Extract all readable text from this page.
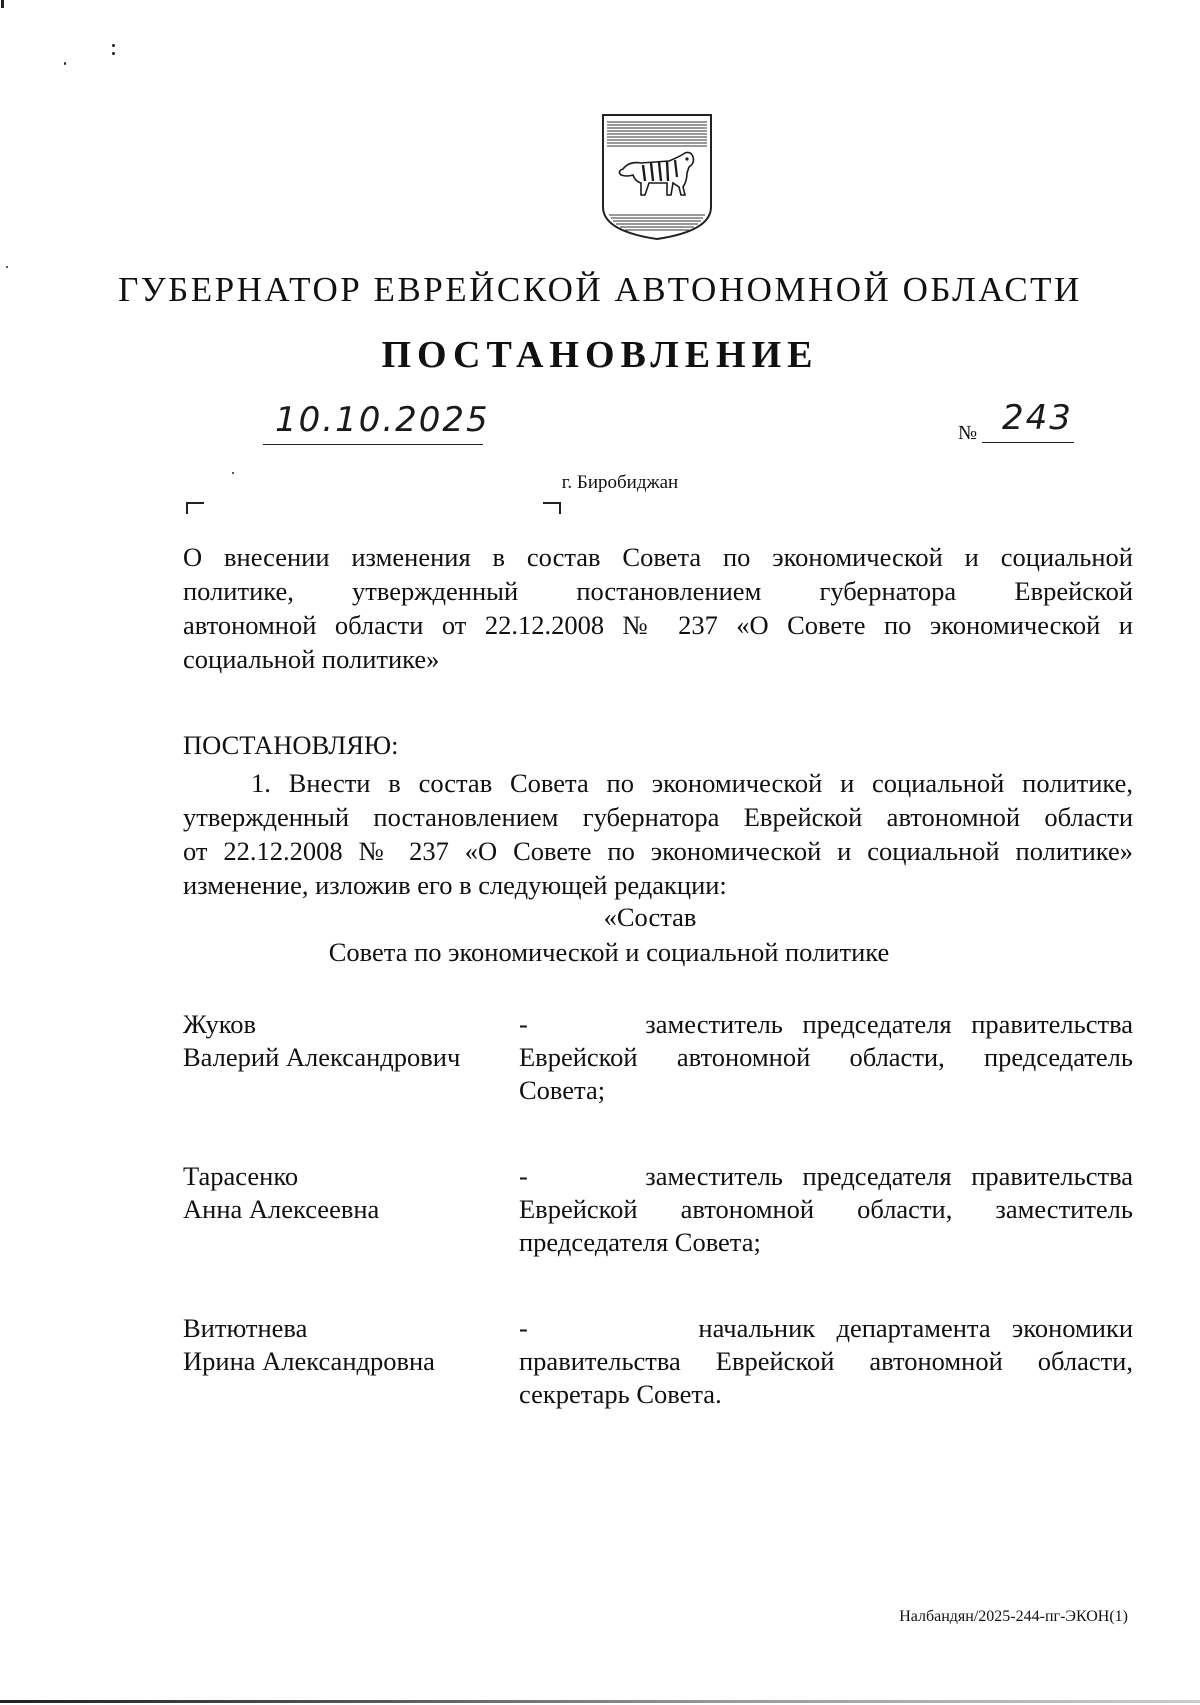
ГУБЕРНАТОР ЕВРЕЙСКОЙ АВТОНОМНОЙ ОБЛАСТИ
ПОСТАНОВЛЕНИЕ
10.10.2025	№ 243
г. Биробиджан
О внесении изменения в состав Совета по экономической и социальной
политике, утвержденный постановлением губернатора Еврейской
автономной области от 22.12.2008 № 237 «О Совете по экономической и
социальной политике»
ПОСТАНОВЛЯЮ:
1. Внести в состав Совета по экономической и социальной политике,
утвержденный постановлением губернатора Еврейской автономной области
от 22.12.2008 № 237 «О Совете по экономической и социальной политике»
изменение, изложив его в следующей редакции:
«Состав
Совета по экономической и социальной политике
Жуков
Валерий Александрович
-	заместитель председателя правительства
Еврейской автономной области, председатель
Совета;
Тарасенко
Анна Алексеевна
-	заместитель председателя правительства
Еврейской автономной области, заместитель
председателя Совета;
Витютнева
Ирина Александровна
-	начальник департамента экономики
правительства Еврейской автономной области,
секретарь Совета.
Налбандян/2025-244-пг-ЭКОН(1)
